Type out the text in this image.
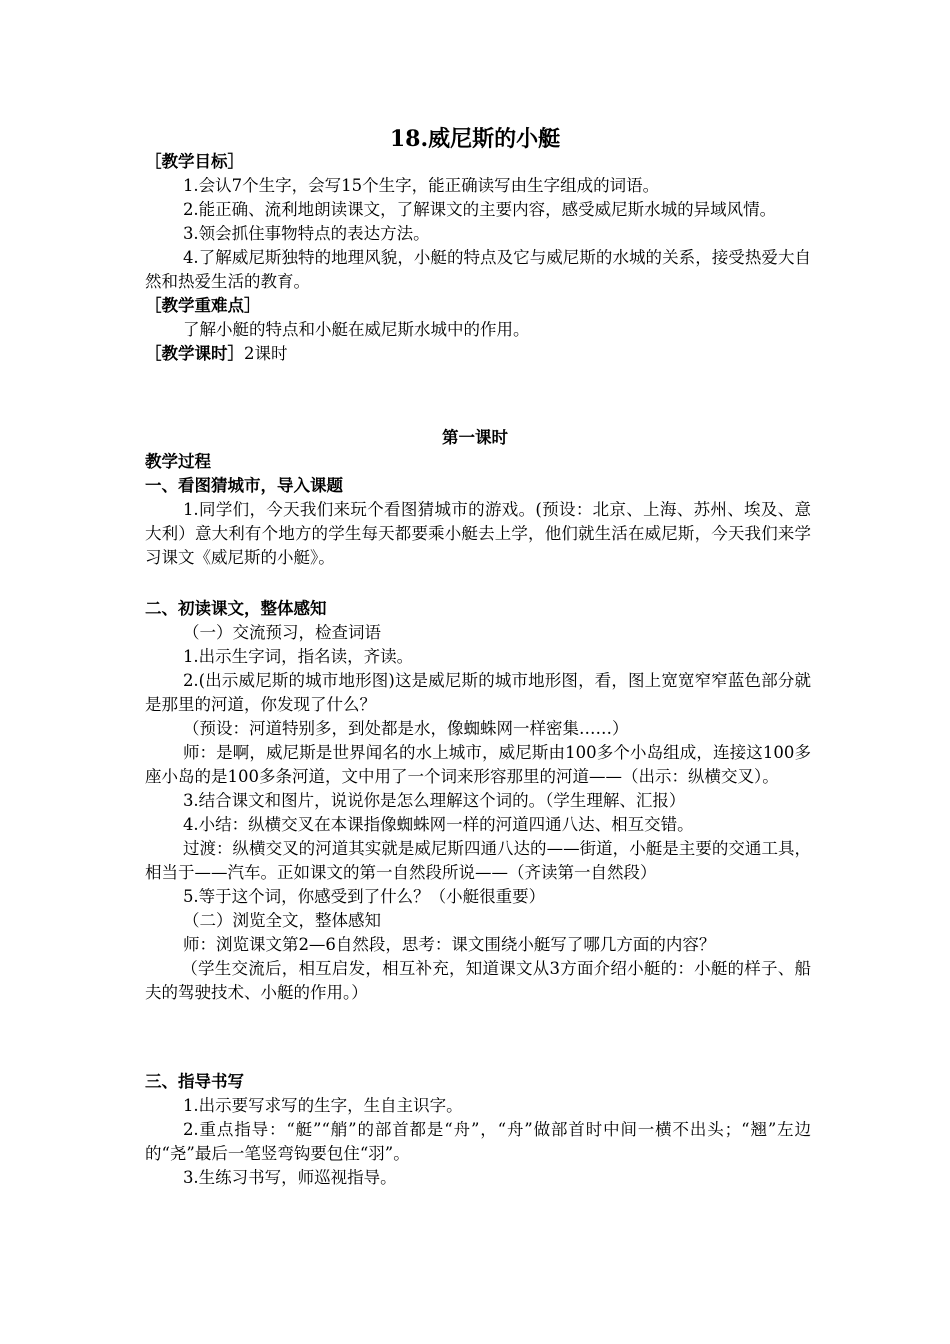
18.威尼斯的小艇

［教学目标］

1.会认7个生字，会写15个生字，能正确读写由生字组成的词语。

2.能正确、流利地朗读课文，了解课文的主要内容，感受威尼斯水城的异域风情。

3.领会抓住事物特点的表达方法。

4.了解威尼斯独特的地理风貌，小艇的特点及它与威尼斯的水城的关系，接受热爱大自然和热爱生活的教育。

［教学重难点］

了解小艇的特点和小艇在威尼斯水城中的作用。

［教学课时］2课时

第一课时

教学过程

一、看图猜城市，导入课题

1.同学们，今天我们来玩个看图猜城市的游戏。(预设：北京、上海、苏州、埃及、意大利）意大利有个地方的学生每天都要乘小艇去上学，他们就生活在威尼斯，今天我们来学习课文《威尼斯的小艇》。

二、初读课文，整体感知

（一）交流预习，检查词语

1.出示生字词，指名读，齐读。

2.(出示威尼斯的城市地形图)这是威尼斯的城市地形图，看，图上宽宽窄窄蓝色部分就是那里的河道，你发现了什么？

（预设：河道特别多，到处都是水，像蜘蛛网一样密集……）

师：是啊，威尼斯是世界闻名的水上城市，威尼斯由100多个小岛组成，连接这100多座小岛的是100多条河道，文中用了一个词来形容那里的河道——（出示：纵横交叉）。

3.结合课文和图片，说说你是怎么理解这个词的。（学生理解、汇报）

4.小结：纵横交叉在本课指像蜘蛛网一样的河道四通八达、相互交错。

过渡：纵横交叉的河道其实就是威尼斯四通八达的——街道，小艇是主要的交通工具，相当于——汽车。正如课文的第一自然段所说——（齐读第一自然段）

5.等于这个词，你感受到了什么？（小艇很重要）

（二）浏览全文，整体感知

师：浏览课文第2—6自然段，思考：课文围绕小艇写了哪几方面的内容？

（学生交流后，相互启发，相互补充，知道课文从3方面介绍小艇的：小艇的样子、船夫的驾驶技术、小艇的作用。）

三、指导书写

1.出示要写求写的生字，生自主识字。

2.重点指导：“艇”“艄”的部首都是“舟”，“舟”做部首时中间一横不出头；“翘”左边的“尧”最后一笔竖弯钩要包住“羽”。

3.生练习书写，师巡视指导。
